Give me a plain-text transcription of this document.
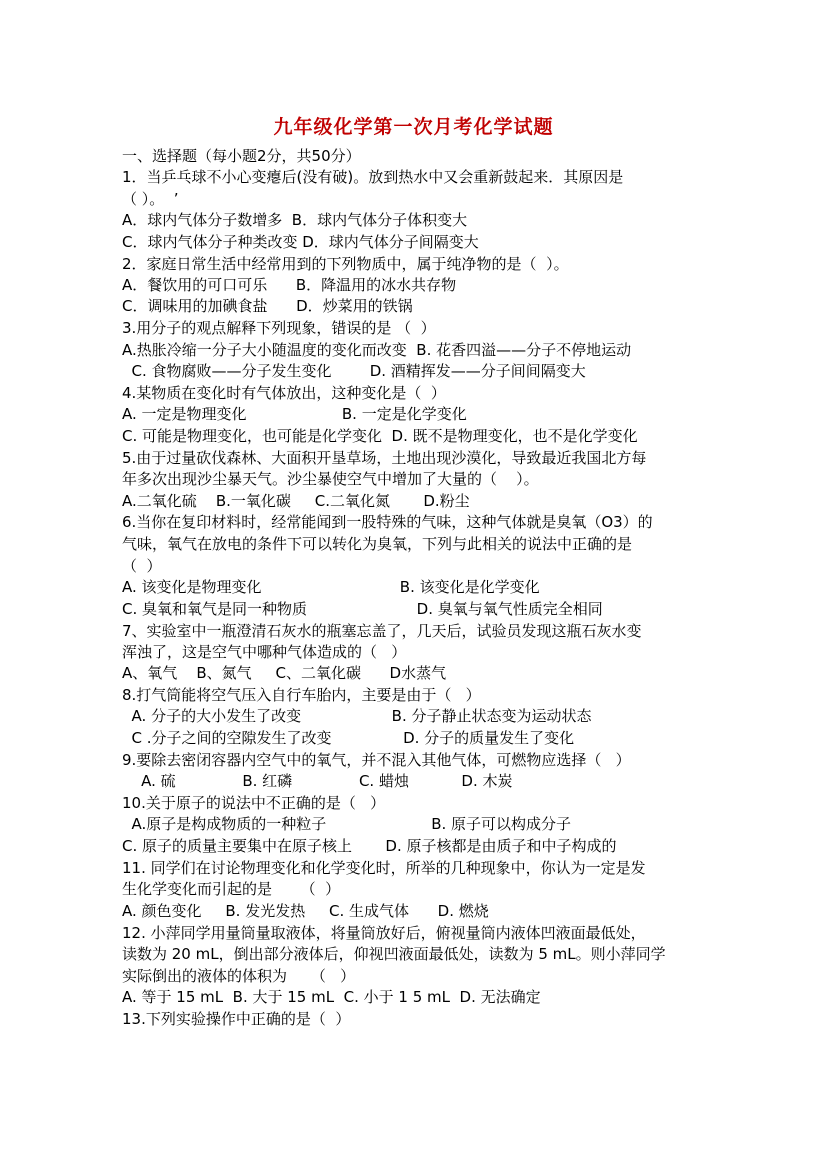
九年级化学第一次月考化学试题
一、选择题（每小题2分，共50分）
1．当乒乓球不小心变瘪后(没有破)。放到热水中又会重新鼓起来．其原因是
（ ）。  ’
A．球内气体分子数增多  B．球内气体分子体积变大
C．球内气体分子种类改变 D．球内气体分子间隔变大
2．家庭日常生活中经常用到的下列物质中，属于纯净物的是（  ）。
A．餐饮用的可口可乐      B．降温用的冰水共存物
C．调味用的加碘食盐      D．炒菜用的铁锅
3.用分子的观点解释下列现象，错误的是 （  ）
A.热胀冷缩一分子大小随温度的变化而改变  B. 花香四溢——分子不停地运动
C. 食物腐败——分子发生变化        D. 酒精挥发——分子间间隔变大
4.某物质在变化时有气体放出，这种变化是（  ）
A. 一定是物理变化                    B. 一定是化学变化
C. 可能是物理变化，也可能是化学变化  D. 既不是物理变化，也不是化学变化
5.由于过量砍伐森林、大面积开垦草场，土地出现沙漠化，导致最近我国北方每
年多次出现沙尘暴天气。沙尘暴使空气中增加了大量的（    ）。
A.二氧化硫    B.一氧化碳     C.二氧化氮       D.粉尘
6.当你在复印材料时，经常能闻到一股特殊的气味，这种气体就是臭氧（O3）的
气味，氧气在放电的条件下可以转化为臭氧，下列与此相关的说法中正确的是
（  ）
A. 该变化是物理变化                             B. 该变化是化学变化
C. 臭氧和氧气是同一种物质                       D. 臭氧与氧气性质完全相同
7、实验室中一瓶澄清石灰水的瓶塞忘盖了，几天后，试验员发现这瓶石灰水变
浑浊了，这是空气中哪种气体造成的（   ）
A、氧气    B、氮气     C、二氧化碳      D水蒸气
8.打气筒能将空气压入自行车胎内，主要是由于（   ）
A. 分子的大小发生了改变                   B. 分子静止状态变为运动状态
C .分子之间的空隙发生了改变               D. 分子的质量发生了变化
9.要除去密闭容器内空气中的氧气，并不混入其他气体，可燃物应选择（   ）
A. 硫              B. 红磷              C. 蜡烛           D. 木炭
10.关于原子的说法中不正确的是（   ）
A.原子是构成物质的一种粒子                      B. 原子可以构成分子
C. 原子的质量主要集中在原子核上       D. 原子核都是由质子和中子构成的
11. 同学们在讨论物理变化和化学变化时，所举的几种现象中，你认为一定是发
生化学变化而引起的是      （  ）
A. 颜色变化     B. 发光发热     C. 生成气体      D. 燃烧
12. 小萍同学用量筒量取液体，将量筒放好后，俯视量筒内液体凹液面最低处，
读数为 20 mL，倒出部分液体后，仰视凹液面最低处，读数为 5 mL。则小萍同学
实际倒出的液体的体积为     （   ）
A. 等于 15 mL  B. 大于 15 mL  C. 小于 1 5 mL  D. 无法确定
13.下列实验操作中正确的是（  ）
